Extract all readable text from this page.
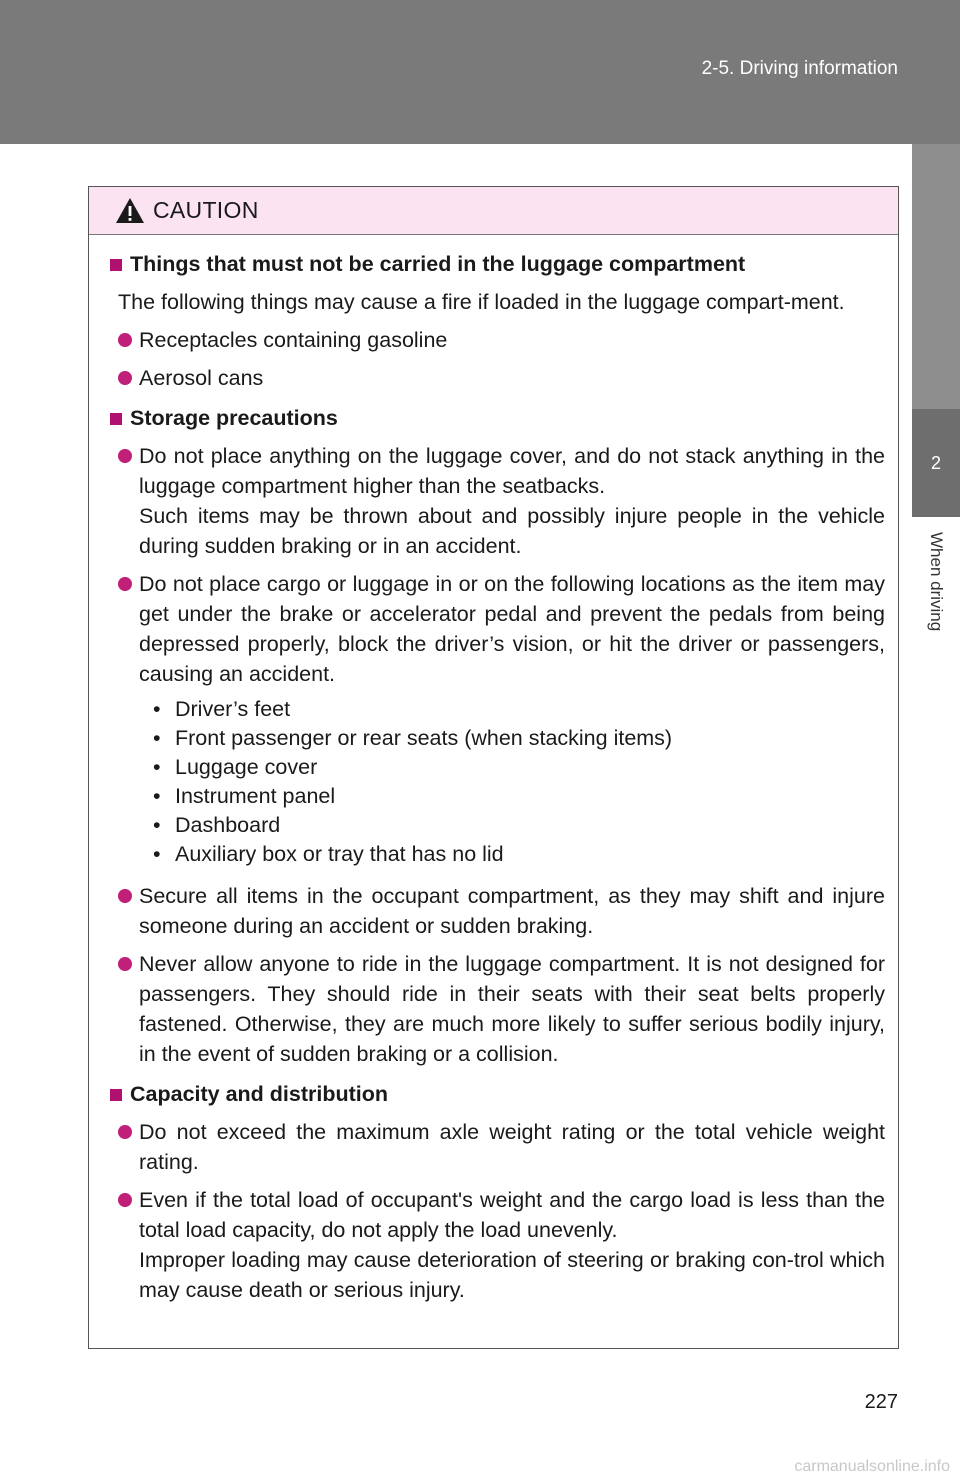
2-5. Driving information
2
When driving
CAUTION
Things that must not be carried in the luggage compartment
The following things may cause a fire if loaded in the luggage compart-ment.
Receptacles containing gasoline
Aerosol cans
Storage precautions
Do not place anything on the luggage cover, and do not stack anything in the luggage compartment higher than the seatbacks.
Such items may be thrown about and possibly injure people in the vehicle during sudden braking or in an accident.
Do not place cargo or luggage in or on the following locations as the item may get under the brake or accelerator pedal and prevent the pedals from being depressed properly, block the driver’s vision, or hit the driver or passengers, causing an accident.
• Driver’s feet
• Front passenger or rear seats (when stacking items)
• Luggage cover
• Instrument panel
• Dashboard
• Auxiliary box or tray that has no lid
Secure all items in the occupant compartment, as they may shift and injure someone during an accident or sudden braking.
Never allow anyone to ride in the luggage compartment. It is not designed for passengers. They should ride in their seats with their seat belts properly fastened. Otherwise, they are much more likely to suffer serious bodily injury, in the event of sudden braking or a collision.
Capacity and distribution
Do not exceed the maximum axle weight rating or the total vehicle weight rating.
Even if the total load of occupant's weight and the cargo load is less than the total load capacity, do not apply the load unevenly.
Improper loading may cause deterioration of steering or braking con-trol which may cause death or serious injury.
227
carmanualsonline.info
